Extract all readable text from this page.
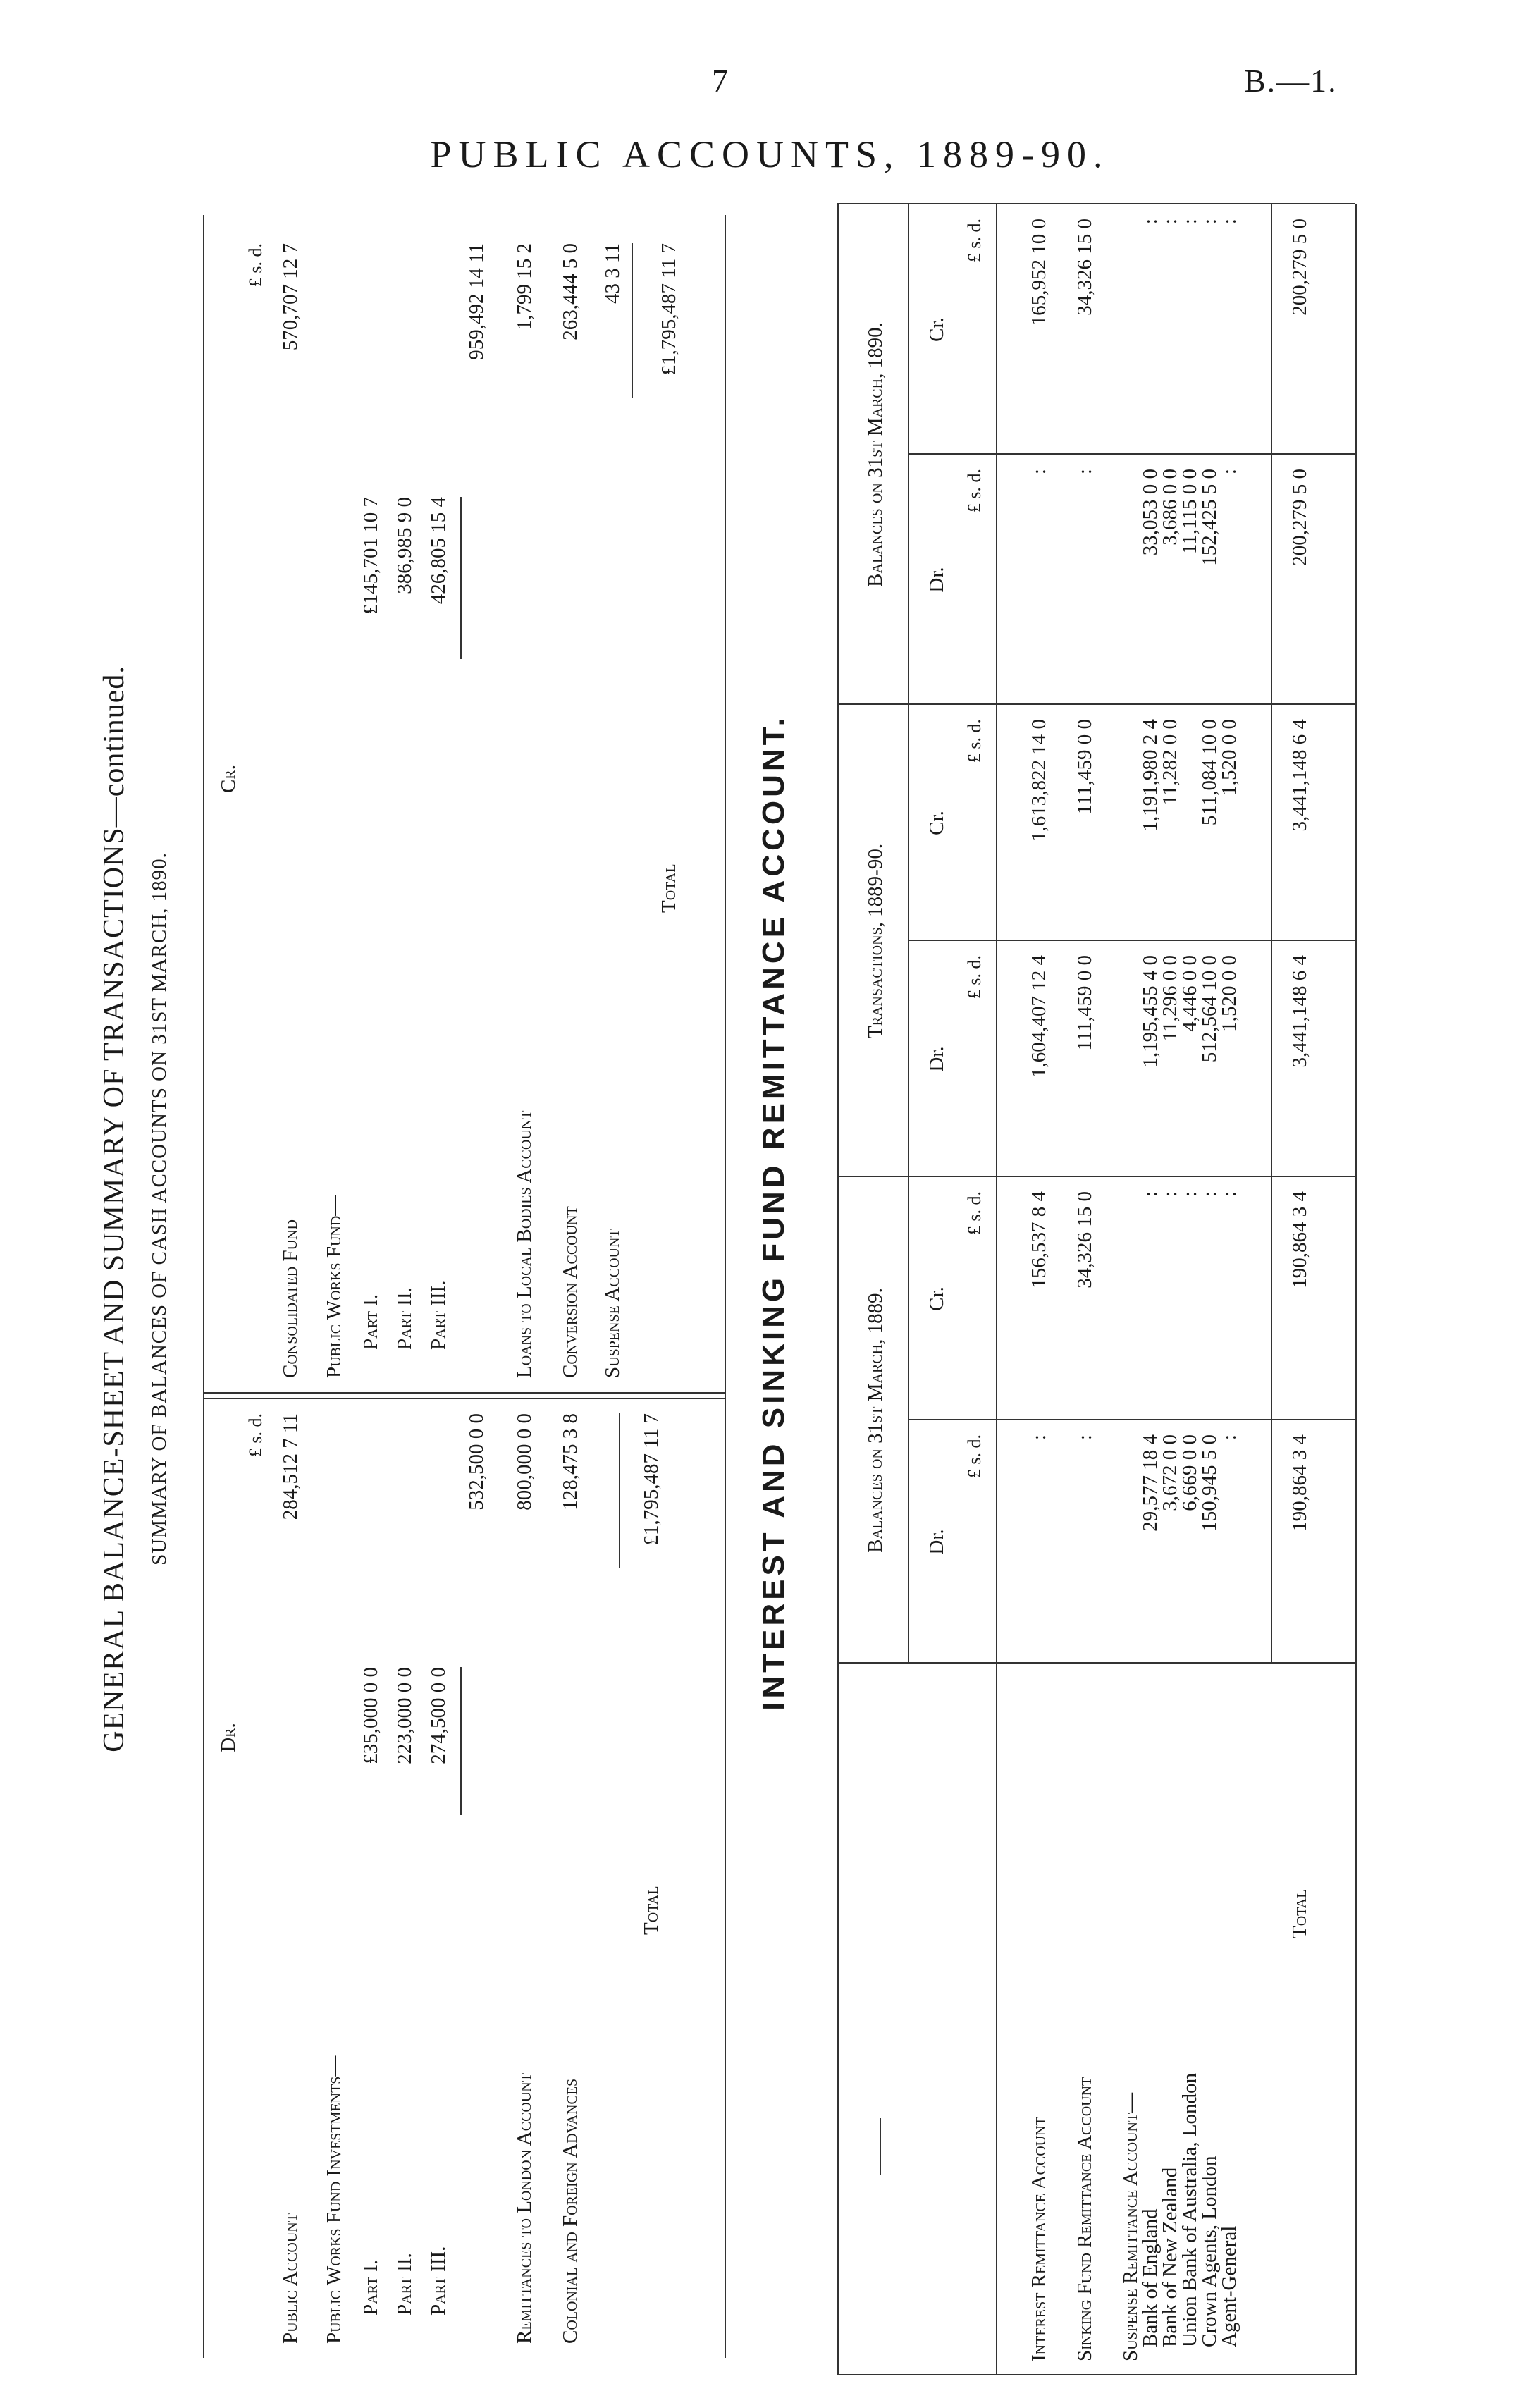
7	B.—1.
PUBLIC ACCOUNTS, 1889-90.
GENERAL BALANCE-SHEET AND SUMMARY OF TRANSACTIONS—continued. SUMMARY OF BALANCES OF CASH ACCOUNTS ON 31ST MARCH, 1890.
Dr.
£ s. d.
Public Account
284,512 7 11
Public Works Fund Investments— Part I.
£35,000 0 0
Part II.
223,000 0 0
Part III.
274,500 0 0
532,500 0 0
Remittances to London Account
800,000 0 0
Colonial and Foreign Advances
128,475 3 8
Total
£1,795,487 11 7
Cr.
£ s. d.
Consolidated Fund
570,707 12 7
Public Works Fund— Part I.
£145,701 10 7
Part II.
386,985 9 0
Part III.
426,805 15 4
959,492 14 11
Loans to Local Bodies Account
1,799 15 2
Conversion Account
263,444 5 0
Suspense Account
43 3 11
Total
£1,795,487 11 7
INTEREST AND SINKING FUND REMITTANCE ACCOUNT.	Balances on 31st March, 1889.
Transactions, 1889-90.
Balances on 31st March, 1890.
Dr.
Cr.
Dr.
Cr.
Dr.
Cr.
£ s. d.
£ s. d.
£ s. d.
£ s. d.
£ s. d.
£ s. d.
Interest Remittance Account
:
156,537 8 4
1,604,407 12 4
1,613,822 14 0
:
165,952 10 0
Sinking Fund Remittance Account
:
34,326 15 0
111,459 0 0
111,459 0 0
:
34,326 15 0
Suspense Remittance Account—
Bank of England
29,577 18 4
:
1,195,455 4 0
1,191,980 2 4
33,053 0 0
:
Bank of New Zealand
3,672 0 0
:
11,296 0 0
11,282 0 0
3,686 0 0
:
Union Bank of Australia, London
6,669 0 0
:
4,446 0 0
11,115 0 0
:
Crown Agents, London
150,945 5 0
:
512,564 10 0
511,084 10 0
152,425 5 0
:
Agent-General
:
:
1,520 0 0
1,520 0 0
:
:
Total
190,864 3 4
190,864 3 4
3,441,148 6 4
3,441,148 6 4
200,279 5 0
200,279 5 0
